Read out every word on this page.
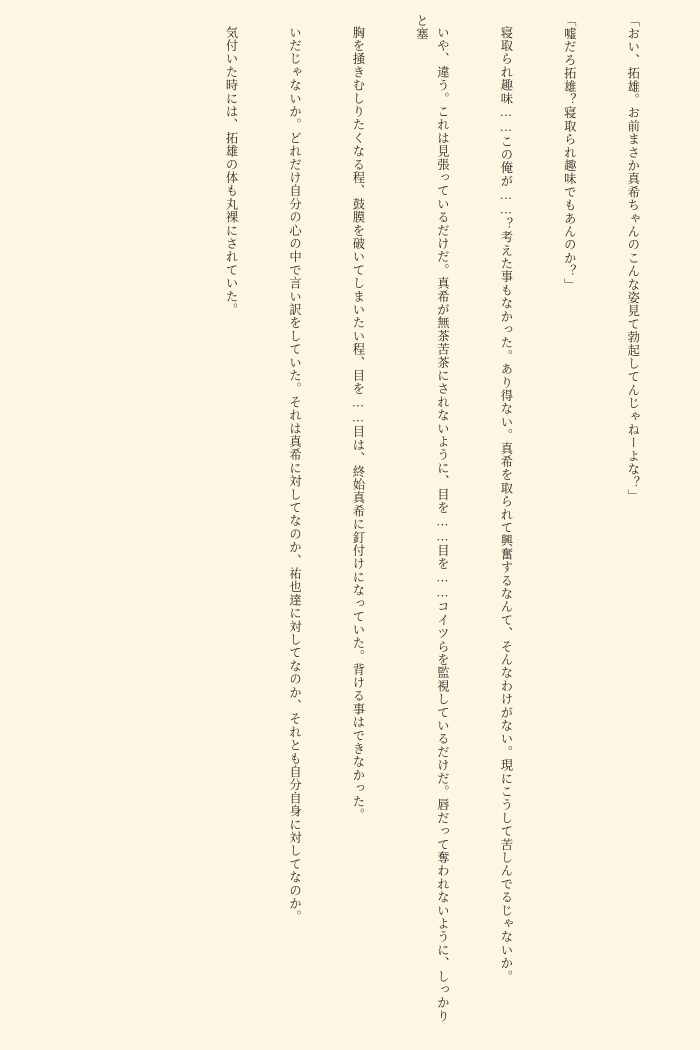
「おい、拓雄。お前まさか真希ちゃんのこんな姿見て勃起してんじゃねーよな？」

「嘘だろ拓雄？寝取られ趣味でもあんのか？」

寝取られ趣味……この俺が……？考えた事もなかった。あり得ない。真希を取られて興奮するなんて、そんなわけがない。現にこうして苦しんでるじゃないか。

いや、違う。これは見張っているだけだ。真希が無茶苦茶にされないように、目を……目を……コイツらを監視しているだけだ。唇だって奪われないように、しっかりと塞

胸を掻きむしりたくなる程、鼓膜を破いてしまいたい程、目を……目は、終始真希に釘付けになっていた。背ける事はできなかった。

いだじゃないか。どれだけ自分の心の中で言い訳をしていた。それは真希に対してなのか、祐也達に対してなのか、それとも自分自身に対してなのか。

気付いた時には、拓雄の体も丸裸にされていた。
